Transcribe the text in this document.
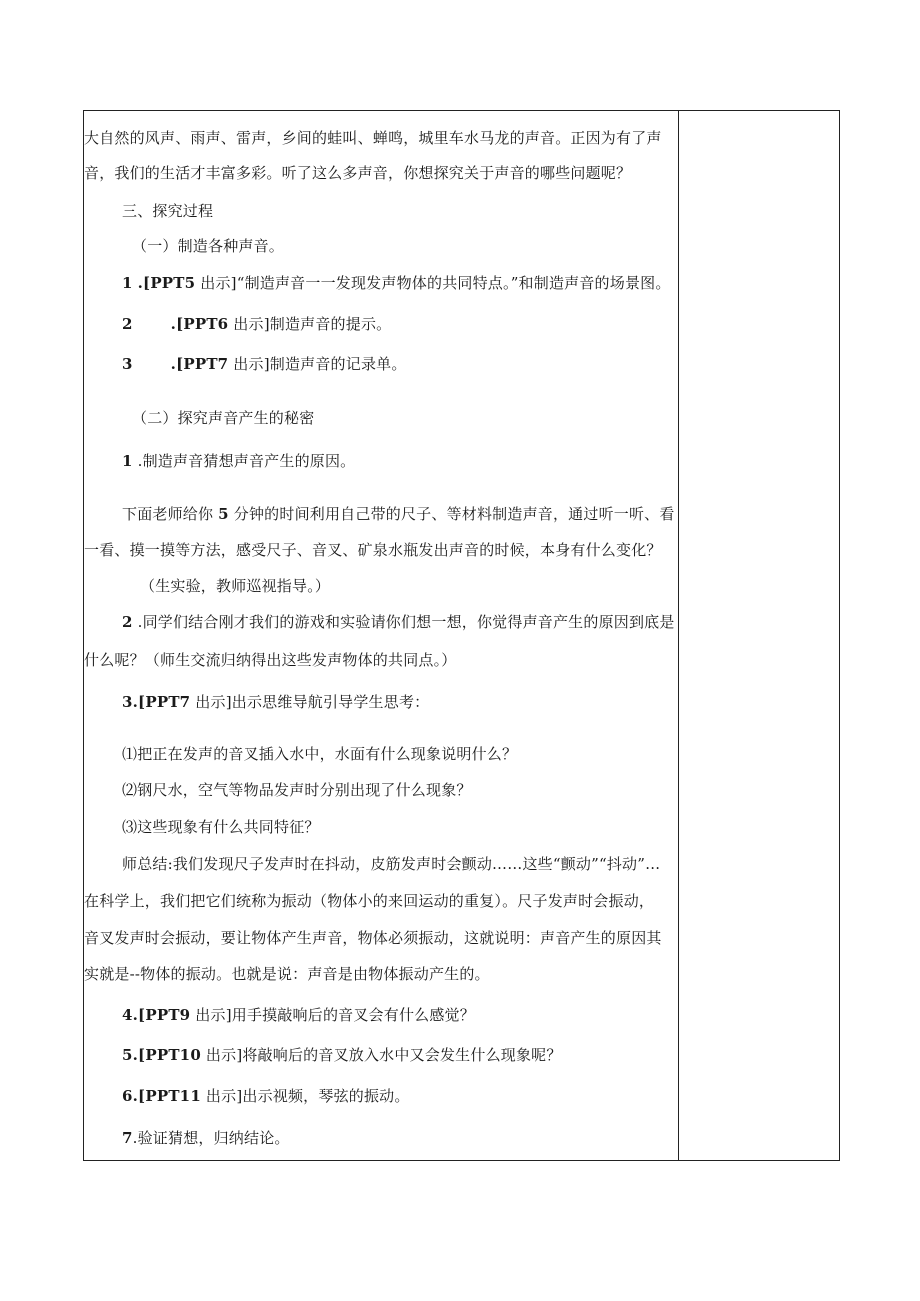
大自然的风声、雨声、雷声，乡间的蛙叫、蝉鸣，城里车水马龙的声音。正因为有了声
音，我们的生活才丰富多彩。听了这么多声音，你想探究关于声音的哪些问题呢？
三、探究过程
（一）制造各种声音。
1 .[PPT5 出示]“制造声音一一发现发声物体的共同特点。”和制造声音的场景图。
2	.[PPT6 出示]制造声音的提示。
3	.[PPT7 出示]制造声音的记录单。
（二）探究声音产生的秘密
1 .制造声音猜想声音产生的原因。
下面老师给你 5 分钟的时间利用自己带的尺子、等材料制造声音，通过听一听、看
一看、摸一摸等方法，感受尺子、音叉、矿泉水瓶发出声音的时候，本身有什么变化？
（生实验，教师巡视指导。）
2 .同学们结合刚才我们的游戏和实验请你们想一想，你觉得声音产生的原因到底是
什么呢？（师生交流归纳得出这些发声物体的共同点。）
3.[PPT7 出示]出示思维导航引导学生思考：
⑴把正在发声的音叉插入水中，水面有什么现象说明什么？
⑵钢尺水，空气等物品发声时分别出现了什么现象？
⑶这些现象有什么共同特征？
师总结:我们发现尺子发声时在抖动，皮筋发声时会颤动……这些“颤动”“抖动”…
在科学上，我们把它们统称为振动（物体小的来回运动的重复）。尺子发声时会振动，
音叉发声时会振动，要让物体产生声音，物体必须振动，这就说明：声音产生的原因其
实就是--物体的振动。也就是说：声音是由物体振动产生的。
4.[PPT9 出示]用手摸敲响后的音叉会有什么感觉？
5.[PPT10 出示]将敲响后的音叉放入水中又会发生什么现象呢？
6.[PPT11 出示]出示视频，琴弦的振动。
7.验证猜想，归纳结论。
